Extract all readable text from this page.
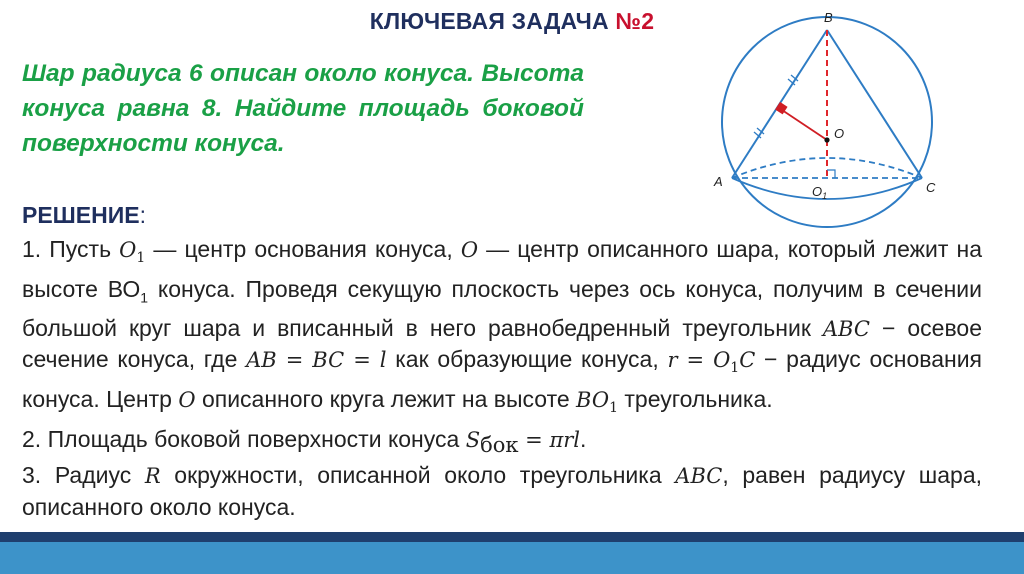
КЛЮЧЕВАЯ ЗАДАЧА №2
Шар радиуса 6 описан около конуса. Высота конуса равна 8. Найдите площадь боковой поверхности конуса.
РЕШЕНИЕ:

1. Пусть $O_1$ — центр основания конуса, O — центр описанного шара, который лежит на высоте $ВО_1$ конуса. Проведя секущую плоскость через ось конуса, получим в сечении большой круг шара и вписанный в него равнобедренный треугольник ABC − осевое сечение конуса, где AB = BC = l как образующие конуса, $r = O_1C$ − радиус основания конуса. Центр O описанного круга лежит на высоте $BO_1$ треугольника.

2. Площадь боковой поверхности конуса $S_{бок} = \pi rl$.

3. Радиус R окружности, описанной около треугольника ABC, равен радиусу шара, описанного около конуса.

B
O
A	C
$O_1$
